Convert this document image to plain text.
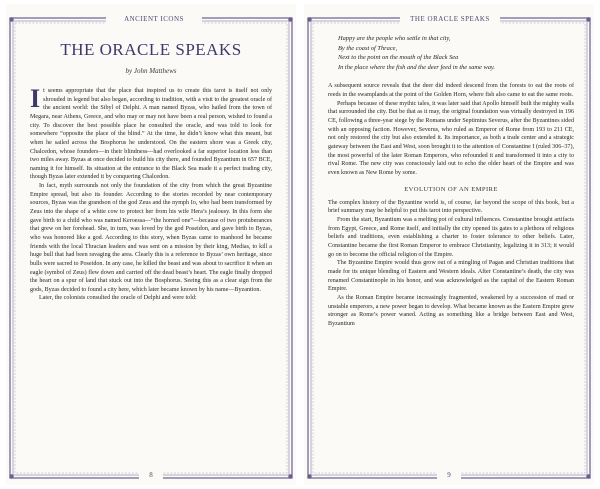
ANCIENT ICONS
THE ORACLE SPEAKS
by John Matthews

It seems appropriate that the place that inspired us to create this tarot is itself not only shrouded in legend but also began, according to tradition, with a visit to the greatest oracle of the ancient world: the Sibyl of Delphi. A man named Byzas, who hailed from the town of Megara, near Athens, Greece, and who may or may not have been a real person, wished to found a city. To discover the best possible place he consulted the oracle, and was told to look for somewhere “opposite the place of the blind.” At the time, he didn’t know what this meant, but when he sailed across the Bosphorus he understood. On the eastern shore was a Greek city, Chalcedon, whose founders—in their blindness—had overlooked a far superior location less than two miles away. Byzas at once decided to build his city there, and founded Byzantium in 657 BCE, naming it for himself. Its situation at the entrance to the Black Sea made it a perfect trading city, though Byzas later extended it by conquering Chalcedon.

In fact, myth surrounds not only the foundation of the city from which the great Byzantine Empire spread, but also its founder. According to the stories recorded by near contemporary sources, Byzas was the grandson of the god Zeus and the nymph Io, who had been transformed by Zeus into the shape of a white cow to protect her from his wife Hera’s jealousy. In this form she gave birth to a child who was named Keroessa—“the horned one”—because of two protuberances that grew on her forehead. She, in turn, was loved by the god Poseidon, and gave birth to Byzas, who was honored like a god. According to this story, when Byzas came to manhood he became friends with the local Thracian leaders and was sent on a mission by their king, Medias, to kill a huge bull that had been ravaging the area. Clearly this is a reference to Byzas’ own heritage, since bulls were sacred to Poseidon. In any case, he killed the beast and was about to sacrifice it when an eagle (symbol of Zeus) flew down and carried off the dead beast’s heart. The eagle finally dropped the heart on a spur of land that stuck out into the Bosphorus. Seeing this as a clear sign from the gods, Byzas decided to found a city here, which later became known by his name—Byzantion.

Later, the colonists consulted the oracle of Delphi and were told:

8
THE ORACLE SPEAKS
Happy are the people who settle in that city,
By the coast of Thrace,
Next to the point on the mouth of the Black Sea
In the place where the fish and the deer feed in the same way.

A subsequent source reveals that the deer did indeed descend from the forests to eat the roots of reeds in the swamplands at the point of the Golden Horn, where fish also came to eat the same roots.

Perhaps because of these mythic tales, it was later said that Apollo himself built the mighty walls that surrounded the city. But be that as it may, the original foundation was virtually destroyed in 196 CE, following a three-year siege by the Romans under Septimius Severus, after the Byzantines sided with an opposing faction. However, Severus, who ruled as Emperor of Rome from 193 to 211 CE, not only restored the city but also extended it. Its importance, as both a trade center and a strategic gateway between the East and West, soon brought it to the attention of Constantine I (ruled 306–37), the most powerful of the later Roman Emperors, who refounded it and transformed it into a city to rival Rome. The new city was consciously laid out to echo the older heart of the Empire and was even known as New Rome by some.

EVOLUTION OF AN EMPIRE

The complex history of the Byzantine world is, of course, far beyond the scope of this book, but a brief summary may be helpful to put this tarot into perspective.

From the start, Byzantium was a melting pot of cultural influences. Constantine brought artifacts from Egypt, Greece, and Rome itself, and initially the city opened its gates to a plethora of religious beliefs and traditions, even establishing a charter to foster tolerance to other beliefs. Later, Constantine became the first Roman Emperor to embrace Christianity, legalizing it in 313; it would go on to become the official religion of the Empire.

The Byzantine Empire would thus grow out of a mingling of Pagan and Christian traditions that made for its unique blending of Eastern and Western ideals. After Constantine’s death, the city was renamed Constantinople in his honor, and was acknowledged as the capital of the Eastern Roman Empire.

As the Roman Empire became increasingly fragmented, weakened by a succession of mad or unstable emperors, a new power began to develop. What became known as the Eastern Empire grew stronger as Rome’s power waned. Acting as something like a bridge between East and West, Byzantium

9
